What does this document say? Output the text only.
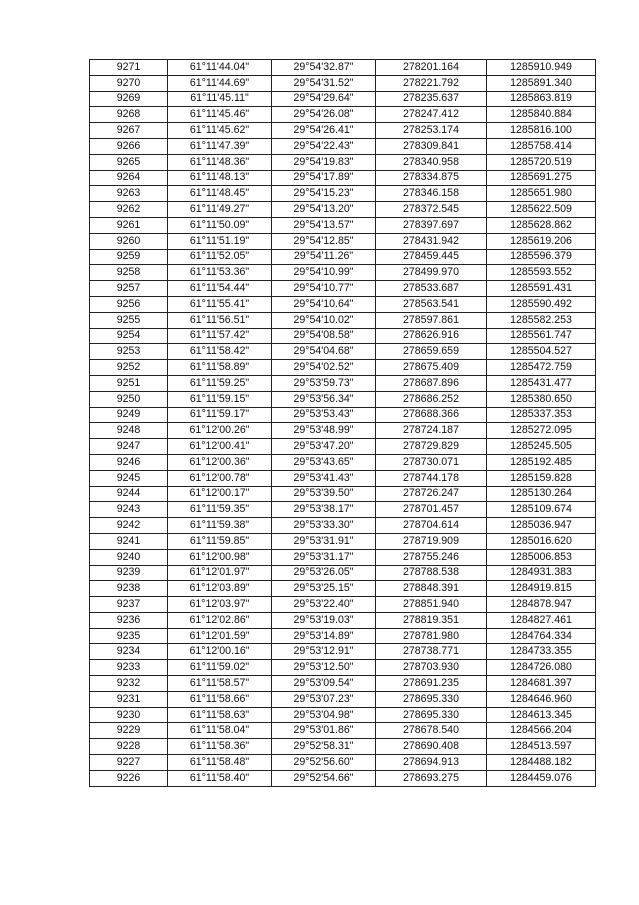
9271	61°11'44.04"	29°54'32.87"	278201.164	1285910.949
9270	61°11'44.69"	29°54'31.52"	278221.792	1285891.340
9269	61°11'45.11"	29°54'29.64"	278235.637	1285863.819
9268	61°11'45.46"	29°54'26.08"	278247.412	1285840.884
9267	61°11'45.62"	29°54'26.41"	278253.174	1285816.100
9266	61°11'47.39"	29°54'22.43"	278309.841	1285758.414
9265	61°11'48.36"	29°54'19.83"	278340.958	1285720.519
9264	61°11'48.13"	29°54'17.89"	278334.875	1285691.275
9263	61°11'48.45"	29°54'15.23"	278346.158	1285651.980
9262	61°11'49.27"	29°54'13.20"	278372.545	1285622.509
9261	61°11'50.09"	29°54'13.57"	278397.697	1285628.862
9260	61°11'51.19"	29°54'12.85"	278431.942	1285619.206
9259	61°11'52.05"	29°54'11.26"	278459.445	1285596.379
9258	61°11'53.36"	29°54'10.99"	278499.970	1285593.552
9257	61°11'54.44"	29°54'10.77"	278533.687	1285591.431
9256	61°11'55.41"	29°54'10.64"	278563.541	1285590.492
9255	61°11'56.51"	29°54'10.02"	278597.861	1285582.253
9254	61°11'57.42"	29°54'08.58"	278626.916	1285561.747
9253	61°11'58.42"	29°54'04.68"	278659.659	1285504.527
9252	61°11'58.89"	29°54'02.52"	278675.409	1285472.759
9251	61°11'59.25"	29°53'59.73"	278687.896	1285431.477
9250	61°11'59.15"	29°53'56.34"	278686.252	1285380.650
9249	61°11'59.17"	29°53'53.43"	278688.366	1285337.353
9248	61°12'00.26"	29°53'48.99"	278724.187	1285272.095
9247	61°12'00.41"	29°53'47.20"	278729.829	1285245.505
9246	61°12'00.36"	29°53'43.65"	278730.071	1285192.485
9245	61°12'00.78"	29°53'41.43"	278744.178	1285159.828
9244	61°12'00.17"	29°53'39.50"	278726.247	1285130.264
9243	61°11'59.35"	29°53'38.17"	278701.457	1285109.674
9242	61°11'59.38"	29°53'33.30"	278704.614	1285036.947
9241	61°11'59.85"	29°53'31.91"	278719.909	1285016.620
9240	61°12'00.98"	29°53'31.17"	278755.246	1285006.853
9239	61°12'01.97"	29°53'26.05"	278788.538	1284931.383
9238	61°12'03.89"	29°53'25.15"	278848.391	1284919.815
9237	61°12'03.97"	29°53'22.40"	278851.940	1284878.947
9236	61°12'02.86"	29°53'19.03"	278819.351	1284827.461
9235	61°12'01.59"	29°53'14.89"	278781.980	1284764.334
9234	61°12'00.16"	29°53'12.91"	278738.771	1284733.355
9233	61°11'59.02"	29°53'12.50"	278703.930	1284726.080
9232	61°11'58.57"	29°53'09.54"	278691.235	1284681.397
9231	61°11'58.66"	29°53'07.23"	278695.330	1284646.960
9230	61°11'58.63"	29°53'04.98"	278695.330	1284613.345
9229	61°11'58.04"	29°53'01.86"	278678.540	1284566.204
9228	61°11'58.36"	29°52'58.31"	278690.408	1284513.597
9227	61°11'58.48"	29°52'56.60"	278694.913	1284488.182
9226	61°11'58.40"	29°52'54.66"	278693.275	1284459.076
